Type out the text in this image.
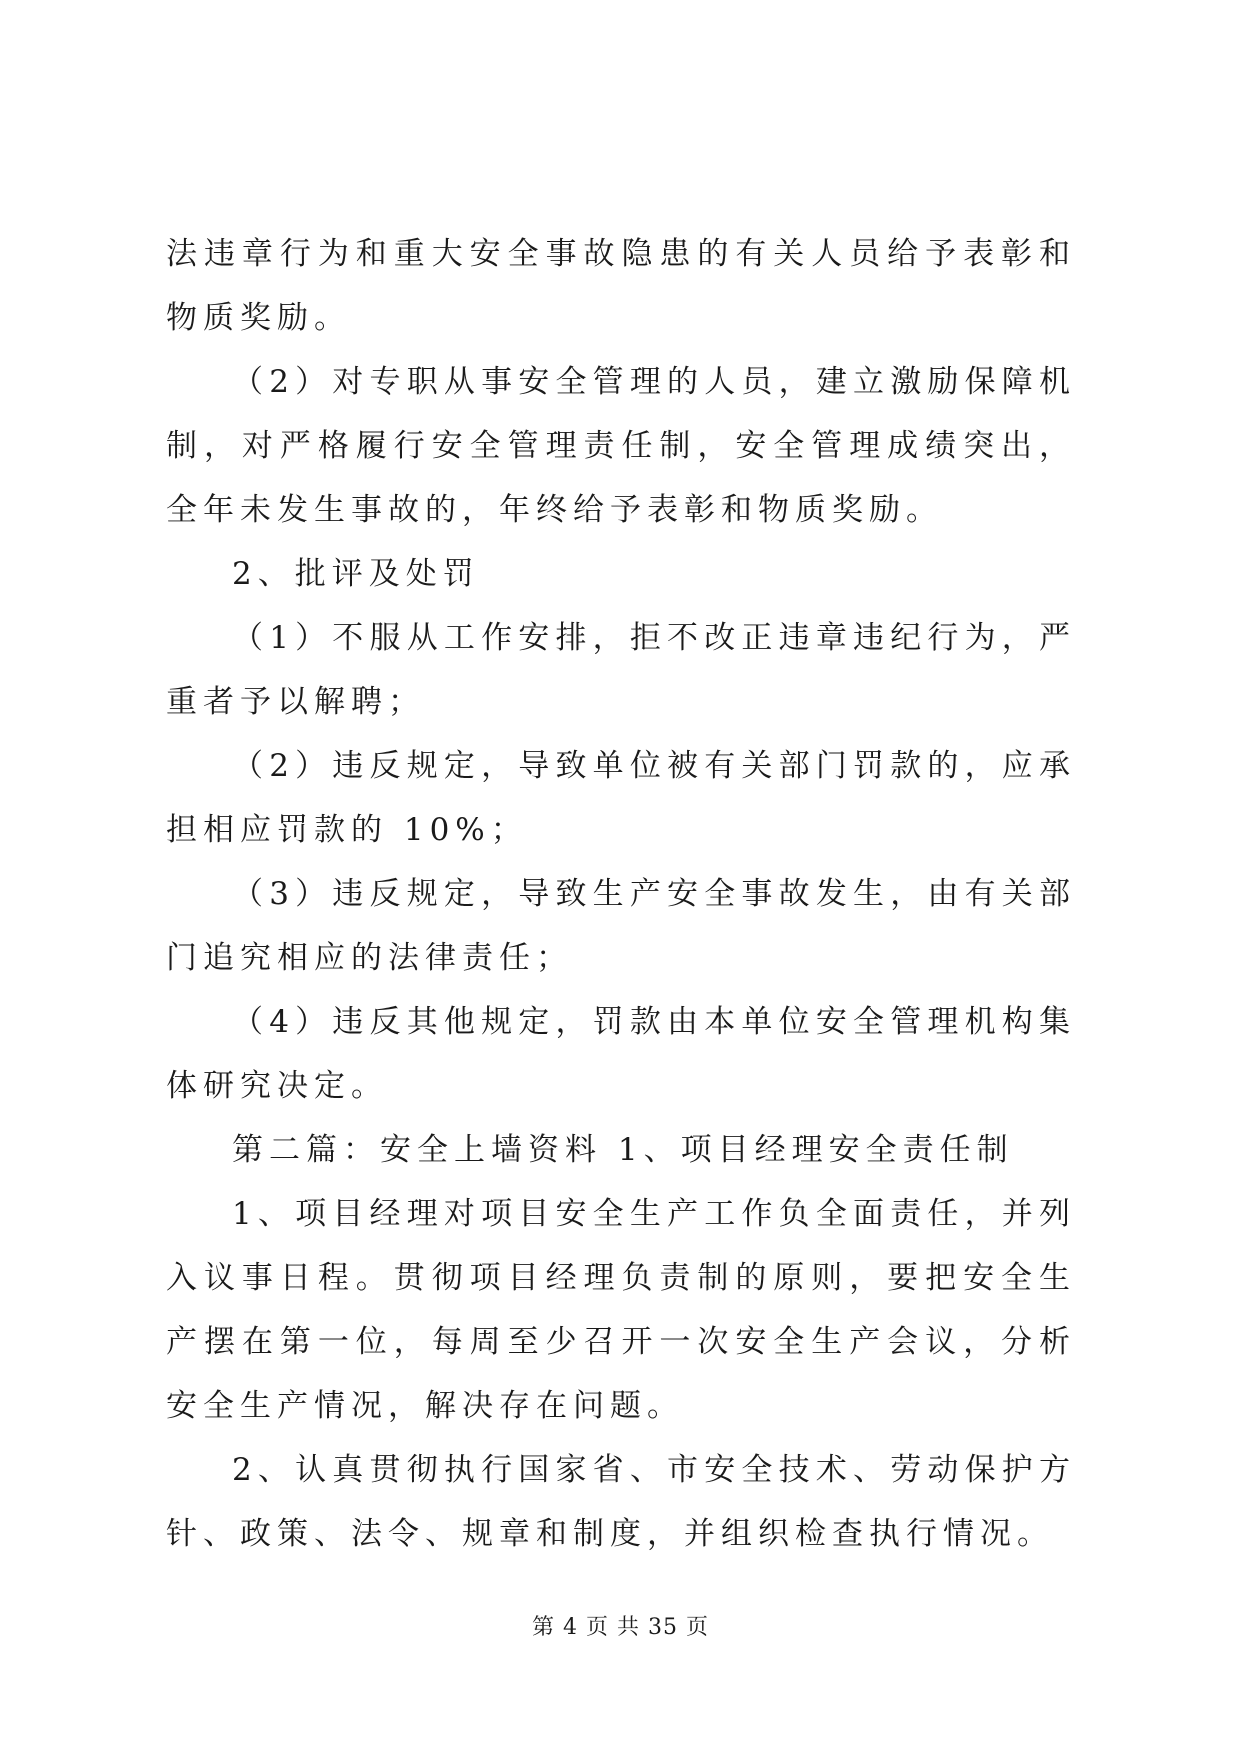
法违章行为和重大安全事故隐患的有关人员给予表彰和物质奖励。

（2）对专职从事安全管理的人员，建立激励保障机制，对严格履行安全管理责任制，安全管理成绩突出，全年未发生事故的，年终给予表彰和物质奖励。

2、批评及处罚

（1）不服从工作安排，拒不改正违章违纪行为，严重者予以解聘；

（2）违反规定，导致单位被有关部门罚款的，应承担相应罚款的 10%；

（3）违反规定，导致生产安全事故发生，由有关部门追究相应的法律责任；

（4）违反其他规定，罚款由本单位安全管理机构集体研究决定。

第二篇：安全上墙资料 1、项目经理安全责任制

1、项目经理对项目安全生产工作负全面责任，并列入议事日程。贯彻项目经理负责制的原则，要把安全生产摆在第一位，每周至少召开一次安全生产会议，分析安全生产情况，解决存在问题。

2、认真贯彻执行国家省、市安全技术、劳动保护方针、政策、法令、规章和制度，并组织检查执行情况。

第 4 页 共 35 页
